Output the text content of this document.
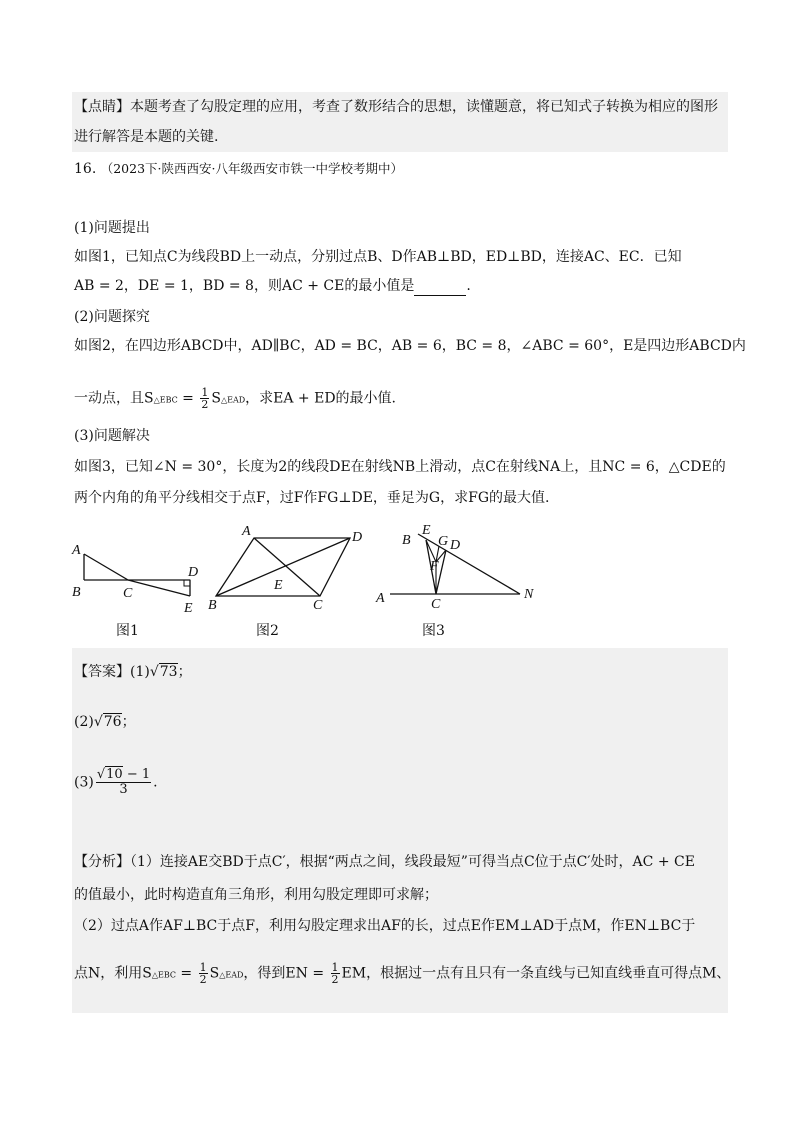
【点睛】本题考查了勾股定理的应用，考查了数形结合的思想，读懂题意，将已知式子转换为相应的图形
进行解答是本题的关键.
16. （2023下·陕西西安·八年级西安市铁一中学校考期中）
(1)问题提出
如图1，已知点C为线段BD上一动点，分别过点B、D作AB⊥BD，ED⊥BD，连接AC、EC．已知
AB = 2，DE = 1，BD = 8，则AC + CE的最小值是	.
(2)问题探究
如图2，在四边形ABCD中，AD∥BC，AD = BC，AB = 6，BC = 8，∠ABC = 60°，E是四边形ABCD内
一动点，且S△EBC = $\frac{1}{2}$ S△EAD，求EA + ED的最小值.
(3)问题解决
如图3，已知∠N = 30°，长度为2的线段DE在射线NB上滑动，点C在射线NA上，且NC = 6，△CDE的
两个内角的角平分线相交于点F，过F作FG⊥DE，垂足为G，求FG的最大值.
A
B	C
D
E
图1
A	D
E
B	C
图2
E
B G D
F
A	C
N
图3
【答案】(1)√73；
(2)√76；
$(3) \frac{√10 - 1}{3}$ .
【分析】（1）连接AE交BD于点C′，根据“两点之间，线段最短”可得当点C位于点C′处时，AC + CE
的值最小，此时构造直角三角形，利用勾股定理即可求解；
（2）过点A作AF⊥BC于点F，利用勾股定理求出AF的长，过点E作EM⊥AD于点M，作EN⊥BC于
点N，利用S△EBC = $\frac{1}{2}$ S△EAD，得到EN = $\frac{1}{2}$ EM，根据过一点有且只有一条直线与已知直线垂直可得点M、
